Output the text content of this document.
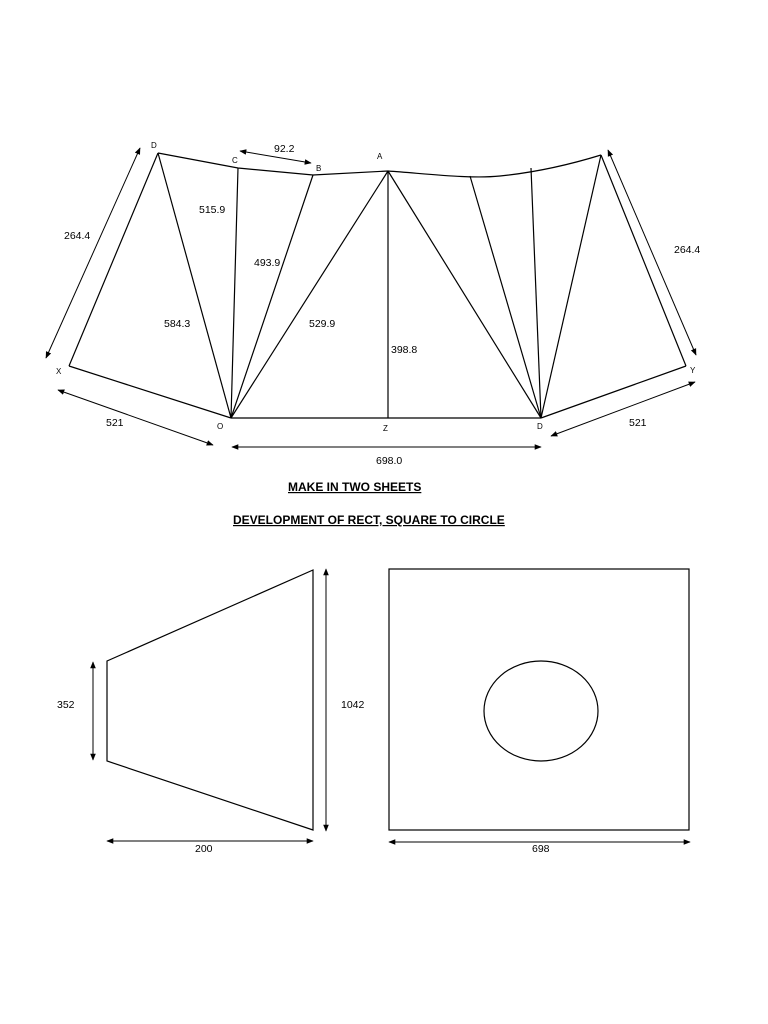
D
C
B
A
X
O	Z	D
Y
92.2
264.4
264.4
515.9
493.9
584.3	529.9
398.8
521	521
698.0
MAKE IN TWO SHEETS
DEVELOPMENT OF RECT, SQUARE TO CIRCLE
352	1042
200	698
